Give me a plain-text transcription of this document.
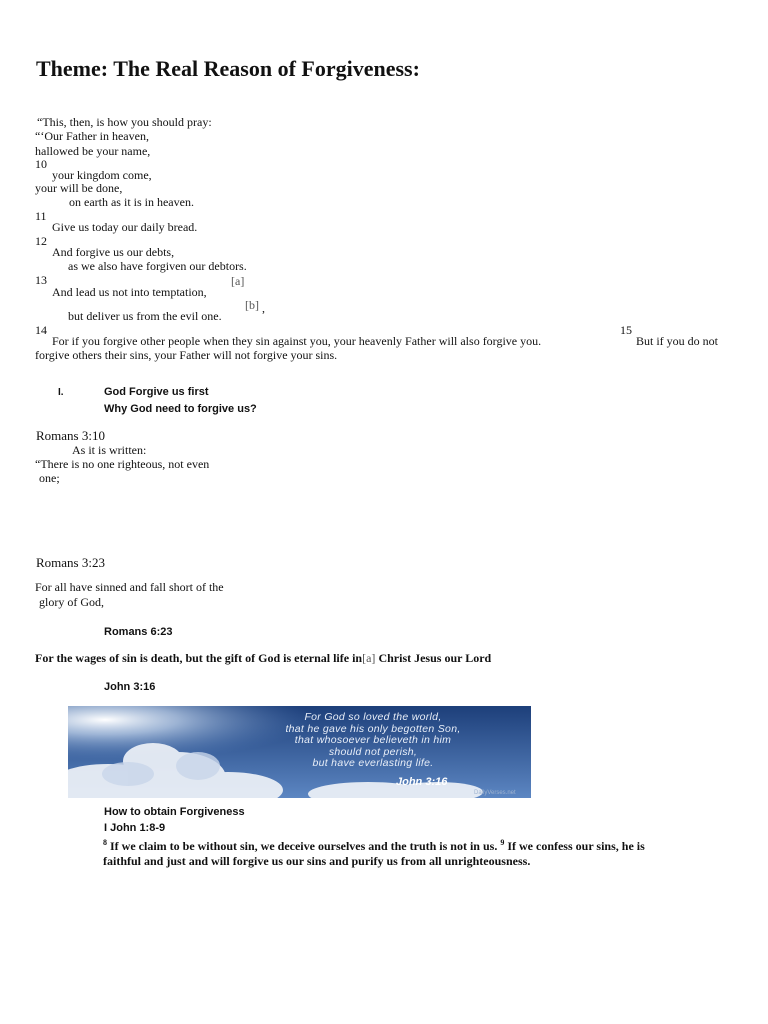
Theme: The Real Reason of Forgiveness:
“This, then, is how you should pray:
“‘Our Father in heaven,
hallowed be your name,
10
your kingdom come,
your will be done,
on earth as it is in heaven.
11
Give us today our daily bread.
12
And forgive us our debts,
as we also have forgiven our debtors.
13	[a]
And lead us not into temptation,
[b] ,
but deliver us from the evil one.
14	15
For if you forgive other people when they sin against you, your heavenly Father will also forgive you.	But if you do not
forgive others their sins, your Father will not forgive your sins.
I.	God Forgive us first
Why God need to forgive us?
Romans 3:10
As it is written:
“There is no one righteous, not even
one;
Romans 3:23
For all have sinned and fall short of the
glory of God,
Romans 6:23
For the wages of sin is death, but the gift of God is eternal life in[a] Christ Jesus our Lord
John 3:16
For God so loved the world,
that he gave his only begotten Son,
that whosoever believeth in him
should not perish,
but have everlasting life.
John 3:16
DailyVerses.net
How to obtain Forgiveness
I John 1:8-9
$^8$ If we claim to be without sin, we deceive ourselves and the truth is not in us. $^9$ If we confess our sins, he is
faithful and just and will forgive us our sins and purify us from all unrighteousness.
